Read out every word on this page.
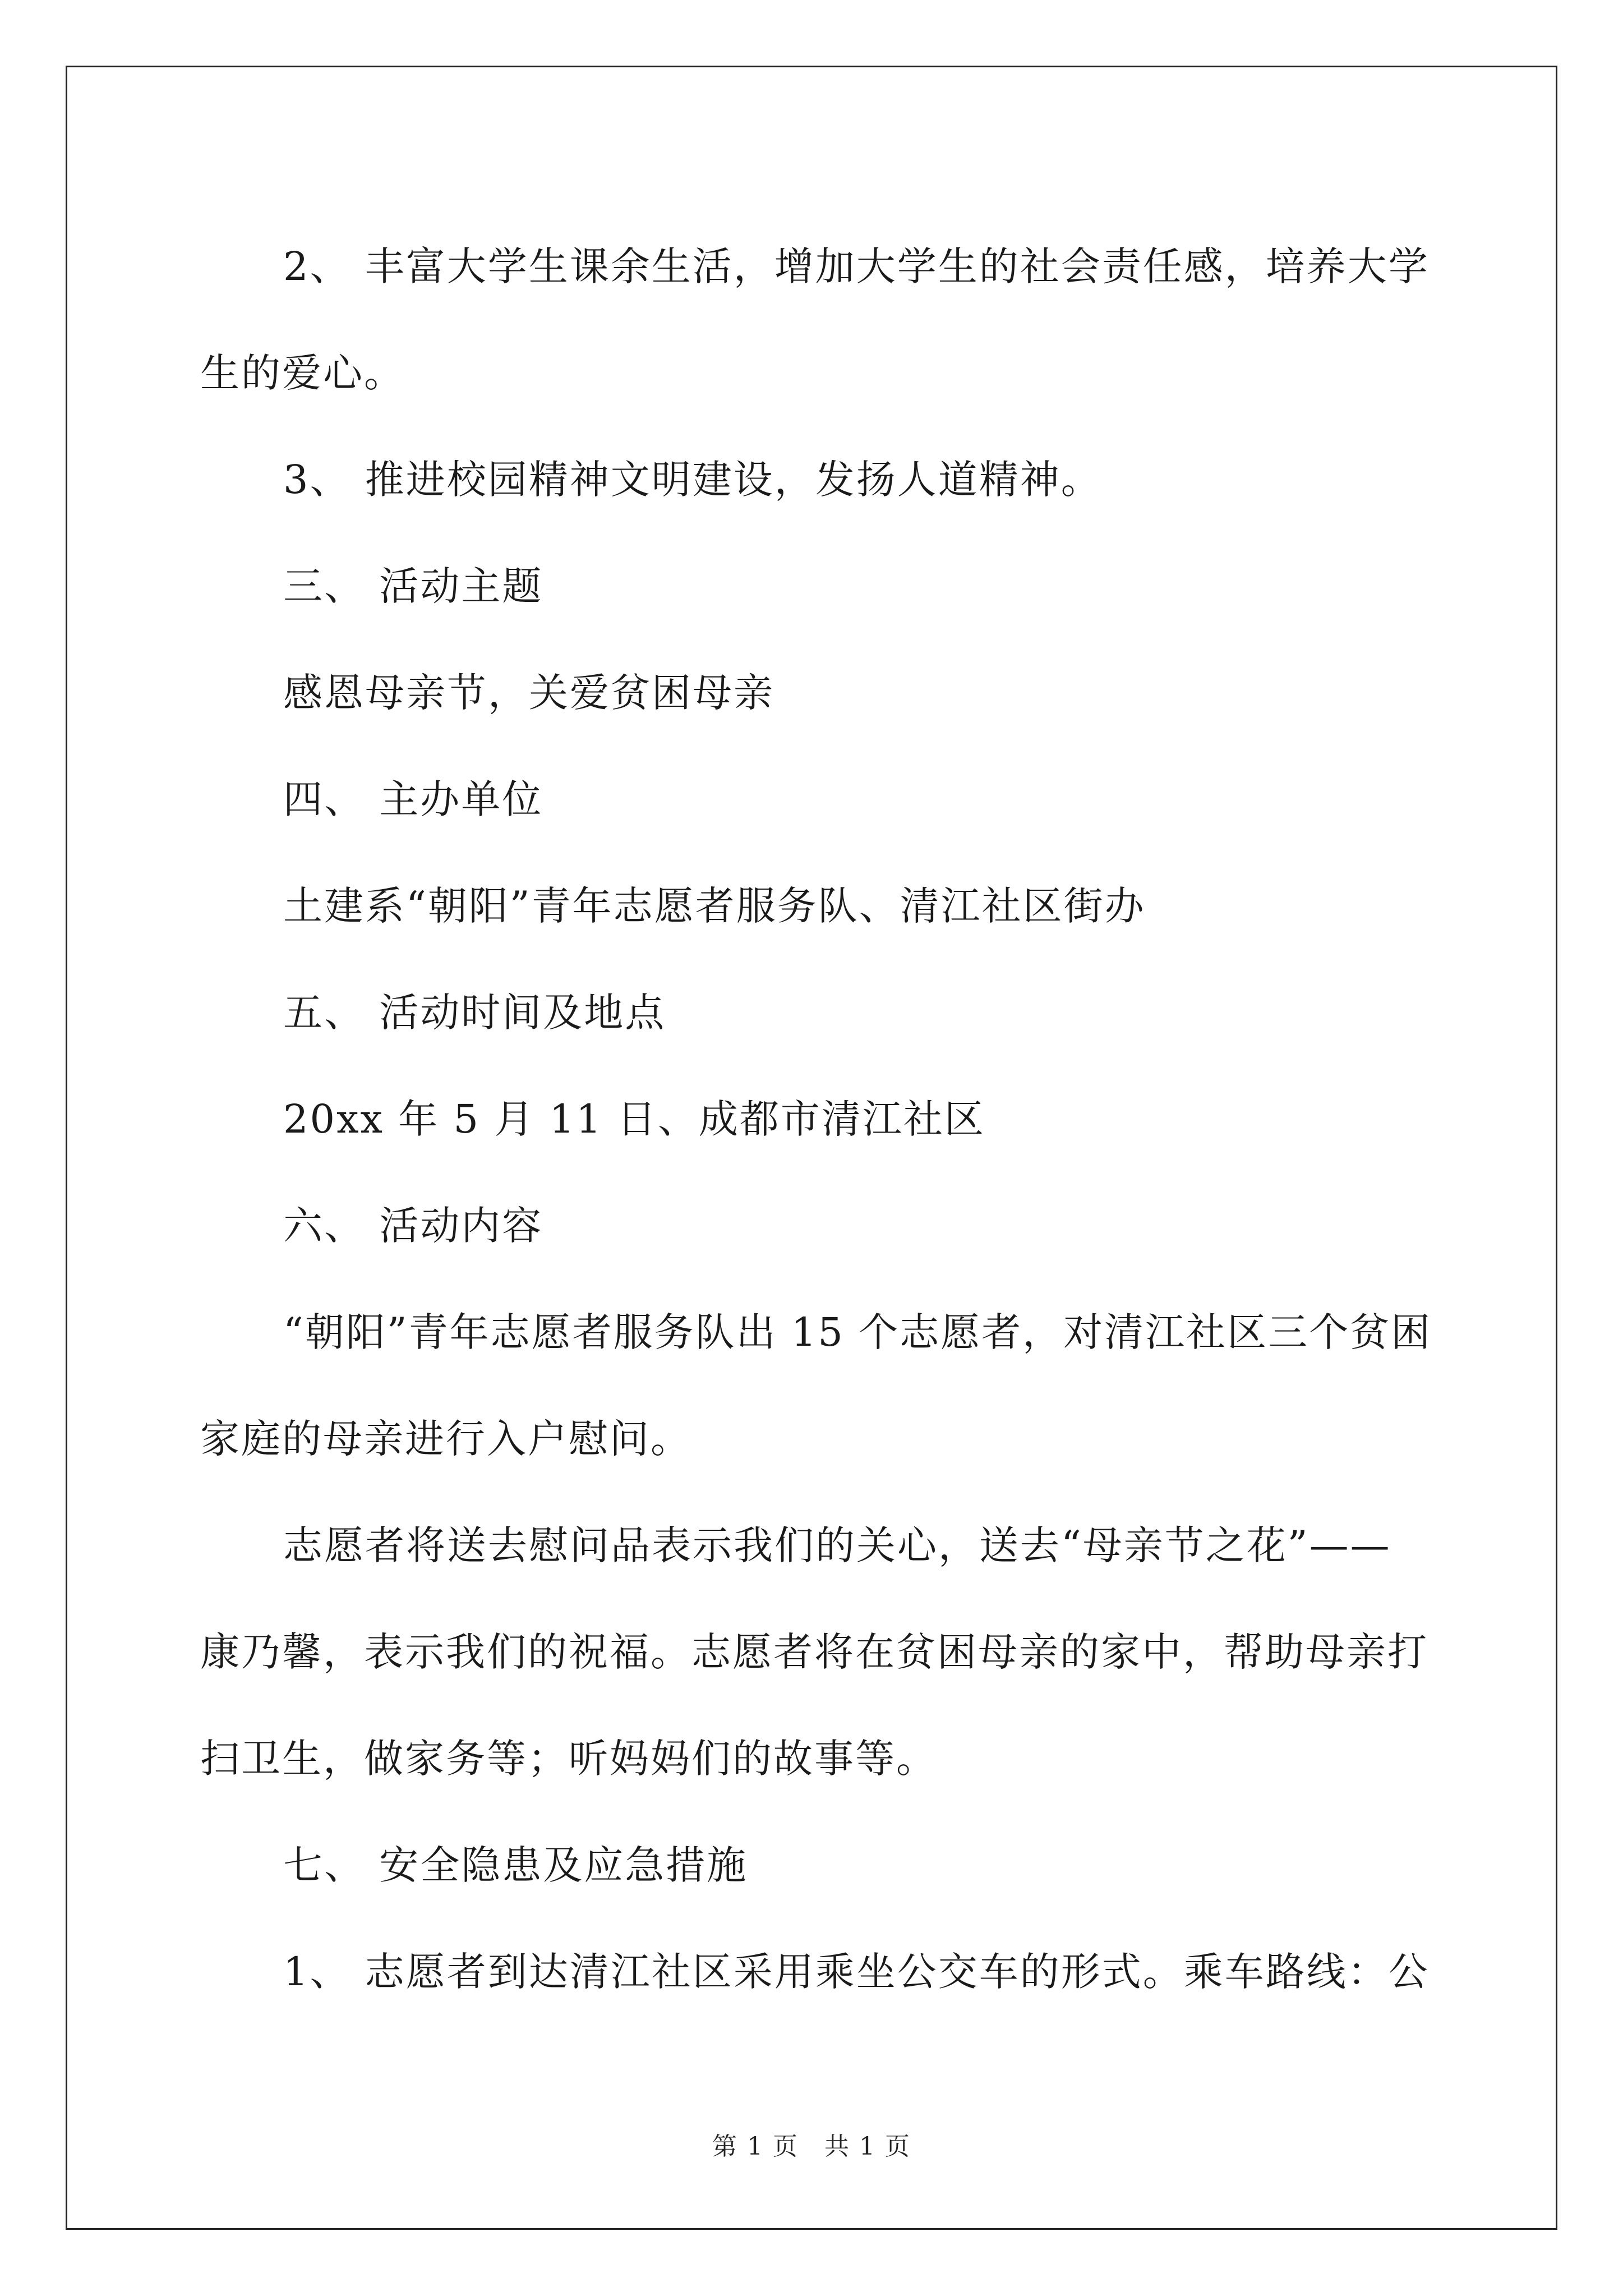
2、 丰富大学生课余生活，增加大学生的社会责任感，培养大学

生的爱心。

3、 推进校园精神文明建设，发扬人道精神。

三、 活动主题

感恩母亲节，关爱贫困母亲

四、 主办单位

土建系“朝阳”青年志愿者服务队、清江社区街办

五、 活动时间及地点

20xx 年 5 月 11 日、成都市清江社区

六、 活动内容

“朝阳”青年志愿者服务队出 15 个志愿者，对清江社区三个贫困

家庭的母亲进行入户慰问。

志愿者将送去慰问品表示我们的关心，送去“母亲节之花”——

康乃馨，表示我们的祝福。志愿者将在贫困母亲的家中，帮助母亲打

扫卫生，做家务等；听妈妈们的故事等。

七、 安全隐患及应急措施

1、 志愿者到达清江社区采用乘坐公交车的形式。乘车路线：公

第 1 页　共 1 页
